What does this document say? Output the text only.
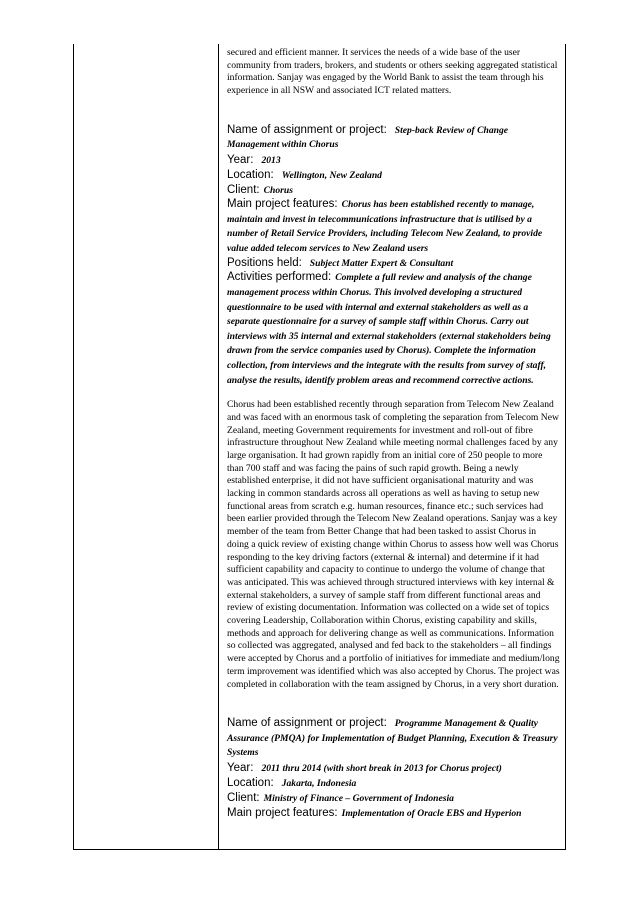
secured and efficient manner. It services the needs of a wide base of the user community from traders, brokers, and students or others seeking aggregated statistical information. Sanjay was engaged by the World Bank to assist the team through his experience in all NSW and associated ICT related matters.

Name of assignment or project: Step-back Review of Change Management within Chorus

Year: 2013

Location: Wellington, New Zealand

Client: Chorus

Main project features: Chorus has been established recently to manage, maintain and invest in telecommunications infrastructure that is utilised by a number of Retail Service Providers, including Telecom New Zealand, to provide value added telecom services to New Zealand users

Positions held: Subject Matter Expert & Consultant

Activities performed: Complete a full review and analysis of the change management process within Chorus. This involved developing a structured questionnaire to be used with internal and external stakeholders as well as a separate questionnaire for a survey of sample staff within Chorus. Carry out interviews with 35 internal and external stakeholders (external stakeholders being drawn from the service companies used by Chorus). Complete the information collection, from interviews and the integrate with the results from survey of staff, analyse the results, identify problem areas and recommend corrective actions.

Chorus had been established recently through separation from Telecom New Zealand and was faced with an enormous task of completing the separation from Telecom New Zealand, meeting Government requirements for investment and roll-out of fibre infrastructure throughout New Zealand while meeting normal challenges faced by any large organisation. It had grown rapidly from an initial core of 250 people to more than 700 staff and was facing the pains of such rapid growth. Being a newly established enterprise, it did not have sufficient organisational maturity and was lacking in common standards across all operations as well as having to setup new functional areas from scratch e.g. human resources, finance etc.; such services had been earlier provided through the Telecom New Zealand operations. Sanjay was a key member of the team from Better Change that had been tasked to assist Chorus in doing a quick review of existing change within Chorus to assess how well was Chorus responding to the key driving factors (external & internal) and determine if it had sufficient capability and capacity to continue to undergo the volume of change that was anticipated. This was achieved through structured interviews with key internal & external stakeholders, a survey of sample staff from different functional areas and review of existing documentation. Information was collected on a wide set of topics covering Leadership, Collaboration within Chorus, existing capability and skills, methods and approach for delivering change as well as communications. Information so collected was aggregated, analysed and fed back to the stakeholders – all findings were accepted by Chorus and a portfolio of initiatives for immediate and medium/long term improvement was identified which was also accepted by Chorus. The project was completed in collaboration with the team assigned by Chorus, in a very short duration.

Name of assignment or project: Programme Management & Quality Assurance (PMQA) for Implementation of Budget Planning, Execution & Treasury Systems

Year: 2011 thru 2014 (with short break in 2013 for Chorus project)

Location: Jakarta, Indonesia

Client: Ministry of Finance – Government of Indonesia

Main project features: Implementation of Oracle EBS and Hyperion
